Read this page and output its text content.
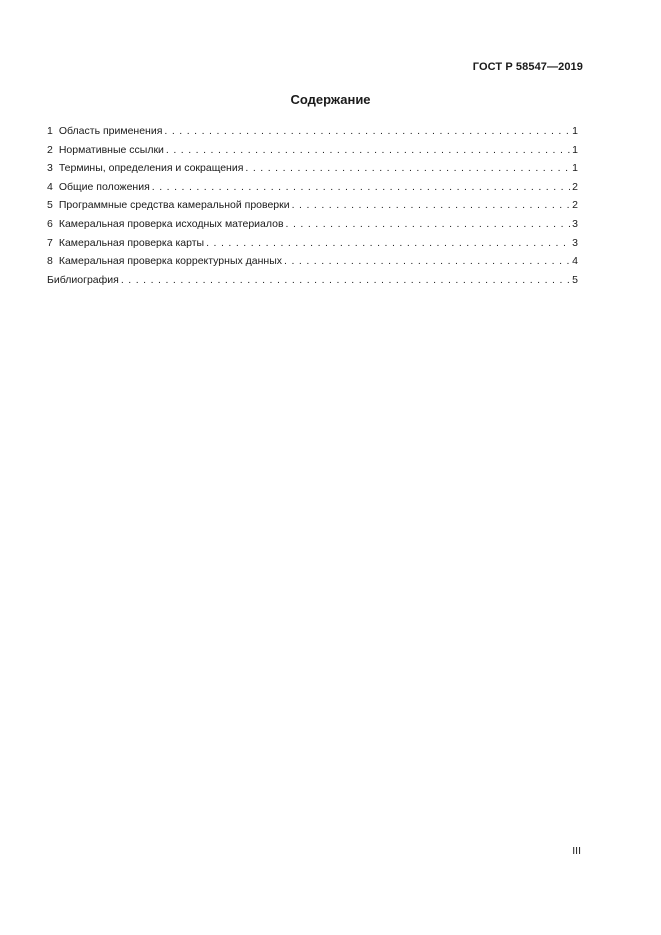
ГОСТ Р 58547—2019
Содержание
1 Область применения . . .	1
2 Нормативные ссылки . . .	1
3 Термины, определения и сокращения . . .	1
4 Общие положения . . .	2
5 Программные средства камеральной проверки . . .	2
6 Камеральная проверка исходных материалов . . .	3
7 Камеральная проверка карты . . .	3
8 Камеральная проверка корректурных данных . . .	4
Библиография . . .	5
III
